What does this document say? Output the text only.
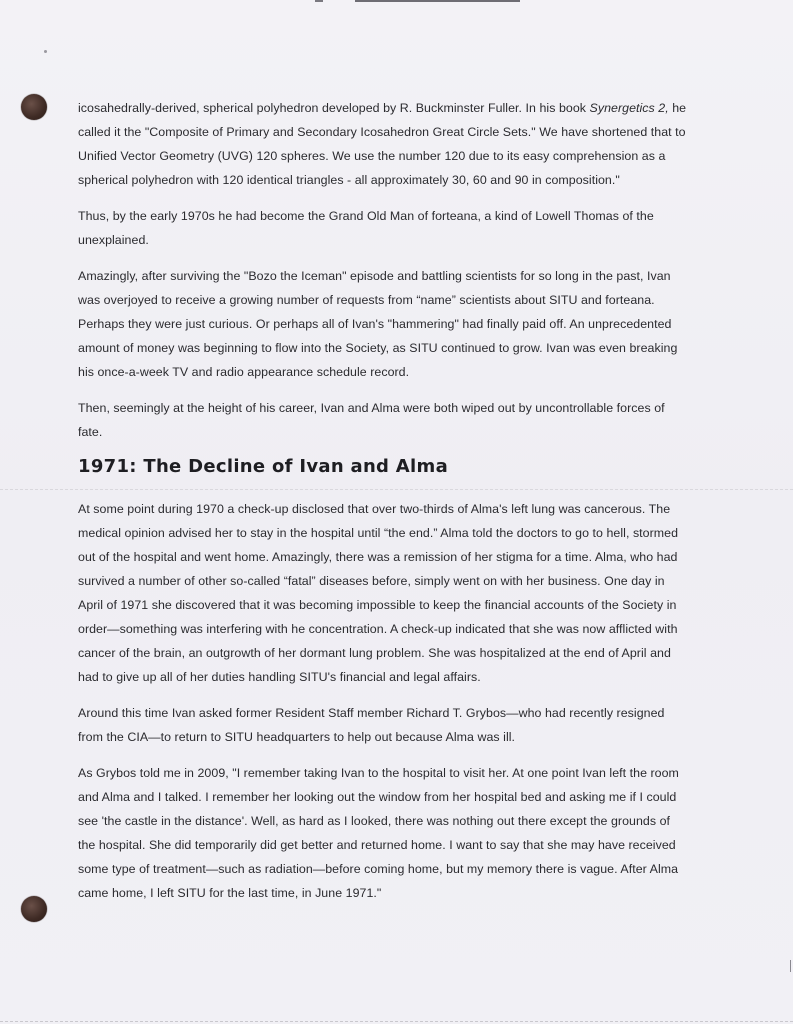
icosahedrally-derived, spherical polyhedron developed by R. Buckminster Fuller. In his book Synergetics 2, he called it the "Composite of Primary and Secondary Icosahedron Great Circle Sets." We have shortened that to Unified Vector Geometry (UVG) 120 spheres. We use the number 120 due to its easy comprehension as a spherical polyhedron with 120 identical triangles - all approximately 30, 60 and 90 in composition."

Thus, by the early 1970s he had become the Grand Old Man of forteana, a kind of Lowell Thomas of the unexplained.

Amazingly, after surviving the "Bozo the Iceman" episode and battling scientists for so long in the past, Ivan was overjoyed to receive a growing number of requests from “name” scientists about SITU and forteana. Perhaps they were just curious. Or perhaps all of Ivan's "hammering" had finally paid off. An unprecedented amount of money was beginning to flow into the Society, as SITU continued to grow. Ivan was even breaking his once-a-week TV and radio appearance schedule record.

Then, seemingly at the height of his career, Ivan and Alma were both wiped out by uncontrollable forces of fate.

1971: The Decline of Ivan and Alma

At some point during 1970 a check-up disclosed that over two-thirds of Alma's left lung was cancerous. The medical opinion advised her to stay in the hospital until “the end.” Alma told the doctors to go to hell, stormed out of the hospital and went home. Amazingly, there was a remission of her stigma for a time. Alma, who had survived a number of other so-called “fatal” diseases before, simply went on with her business. One day in April of 1971 she discovered that it was becoming impossible to keep the financial accounts of the Society in order—something was interfering with he concentration. A check-up indicated that she was now afflicted with cancer of the brain, an outgrowth of her dormant lung problem. She was hospitalized at the end of April and had to give up all of her duties handling SITU's financial and legal affairs.

Around this time Ivan asked former Resident Staff member Richard T. Grybos—who had recently resigned from the CIA—to return to SITU headquarters to help out because Alma was ill.

As Grybos told me in 2009, "I remember taking Ivan to the hospital to visit her. At one point Ivan left the room and Alma and I talked. I remember her looking out the window from her hospital bed and asking me if I could see 'the castle in the distance'. Well, as hard as I looked, there was nothing out there except the grounds of the hospital. She did temporarily did get better and returned home. I want to say that she may have received some type of treatment—such as radiation—before coming home, but my memory there is vague. After Alma came home, I left SITU for the last time, in June 1971."
